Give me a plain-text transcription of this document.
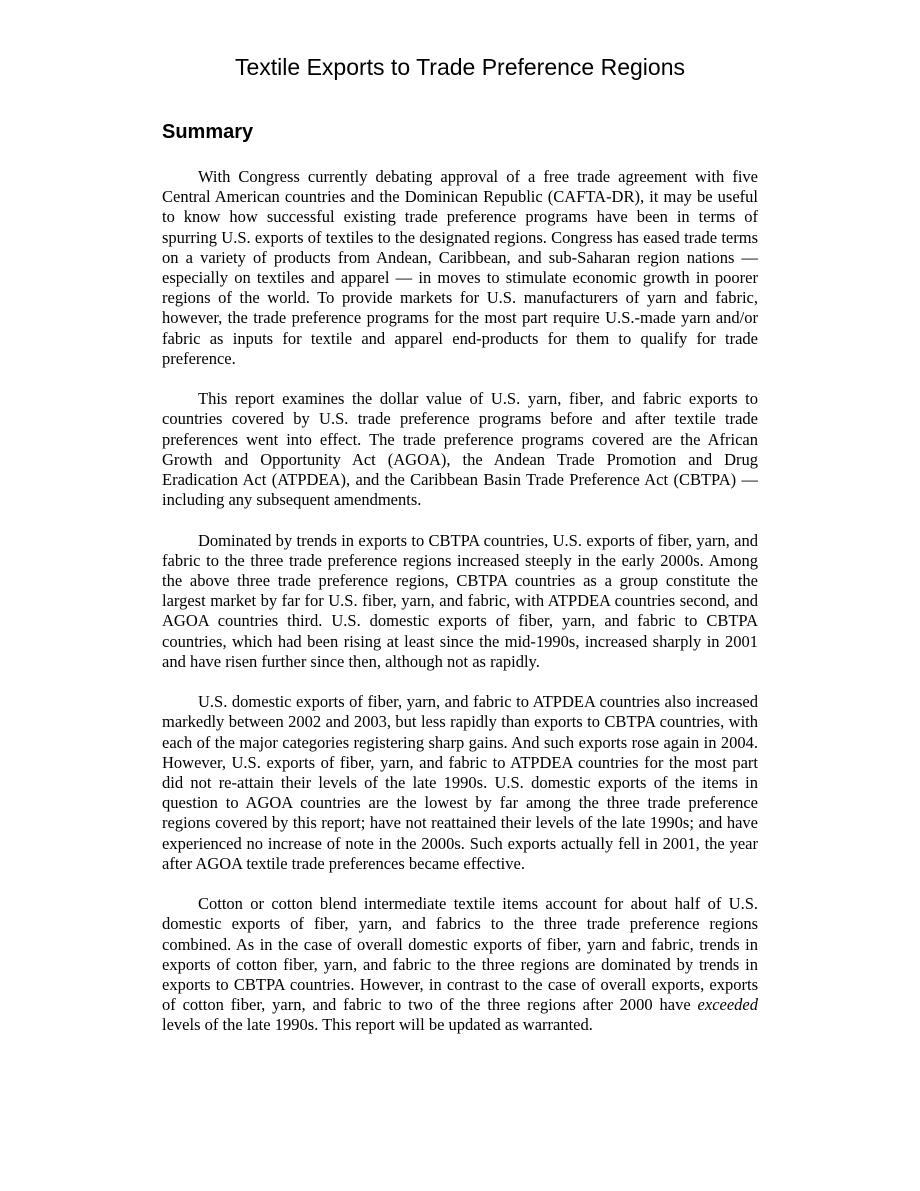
Textile Exports to Trade Preference Regions
Summary

With Congress currently debating approval of a free trade agreement with five Central American countries and the Dominican Republic (CAFTA-DR), it may be useful to know how successful existing trade preference programs have been in terms of spurring U.S. exports of textiles to the designated regions. Congress has eased trade terms on a variety of products from Andean, Caribbean, and sub-Saharan region nations — especially on textiles and apparel — in moves to stimulate economic growth in poorer regions of the world. To provide markets for U.S. manufacturers of yarn and fabric, however, the trade preference programs for the most part require U.S.-made yarn and/or fabric as inputs for textile and apparel end-products for them to qualify for trade preference.

This report examines the dollar value of U.S. yarn, fiber, and fabric exports to countries covered by U.S. trade preference programs before and after textile trade preferences went into effect. The trade preference programs covered are the African Growth and Opportunity Act (AGOA), the Andean Trade Promotion and Drug Eradication Act (ATPDEA), and the Caribbean Basin Trade Preference Act (CBTPA) — including any subsequent amendments.

Dominated by trends in exports to CBTPA countries, U.S. exports of fiber, yarn, and fabric to the three trade preference regions increased steeply in the early 2000s. Among the above three trade preference regions, CBTPA countries as a group constitute the largest market by far for U.S. fiber, yarn, and fabric, with ATPDEA countries second, and AGOA countries third. U.S. domestic exports of fiber, yarn, and fabric to CBTPA countries, which had been rising at least since the mid-1990s, increased sharply in 2001 and have risen further since then, although not as rapidly.

U.S. domestic exports of fiber, yarn, and fabric to ATPDEA countries also increased markedly between 2002 and 2003, but less rapidly than exports to CBTPA countries, with each of the major categories registering sharp gains. And such exports rose again in 2004. However, U.S. exports of fiber, yarn, and fabric to ATPDEA countries for the most part did not re-attain their levels of the late 1990s. U.S. domestic exports of the items in question to AGOA countries are the lowest by far among the three trade preference regions covered by this report; have not reattained their levels of the late 1990s; and have experienced no increase of note in the 2000s. Such exports actually fell in 2001, the year after AGOA textile trade preferences became effective.

Cotton or cotton blend intermediate textile items account for about half of U.S. domestic exports of fiber, yarn, and fabrics to the three trade preference regions combined. As in the case of overall domestic exports of fiber, yarn and fabric, trends in exports of cotton fiber, yarn, and fabric to the three regions are dominated by trends in exports to CBTPA countries. However, in contrast to the case of overall exports, exports of cotton fiber, yarn, and fabric to two of the three regions after 2000 have exceeded levels of the late 1990s. This report will be updated as warranted.
